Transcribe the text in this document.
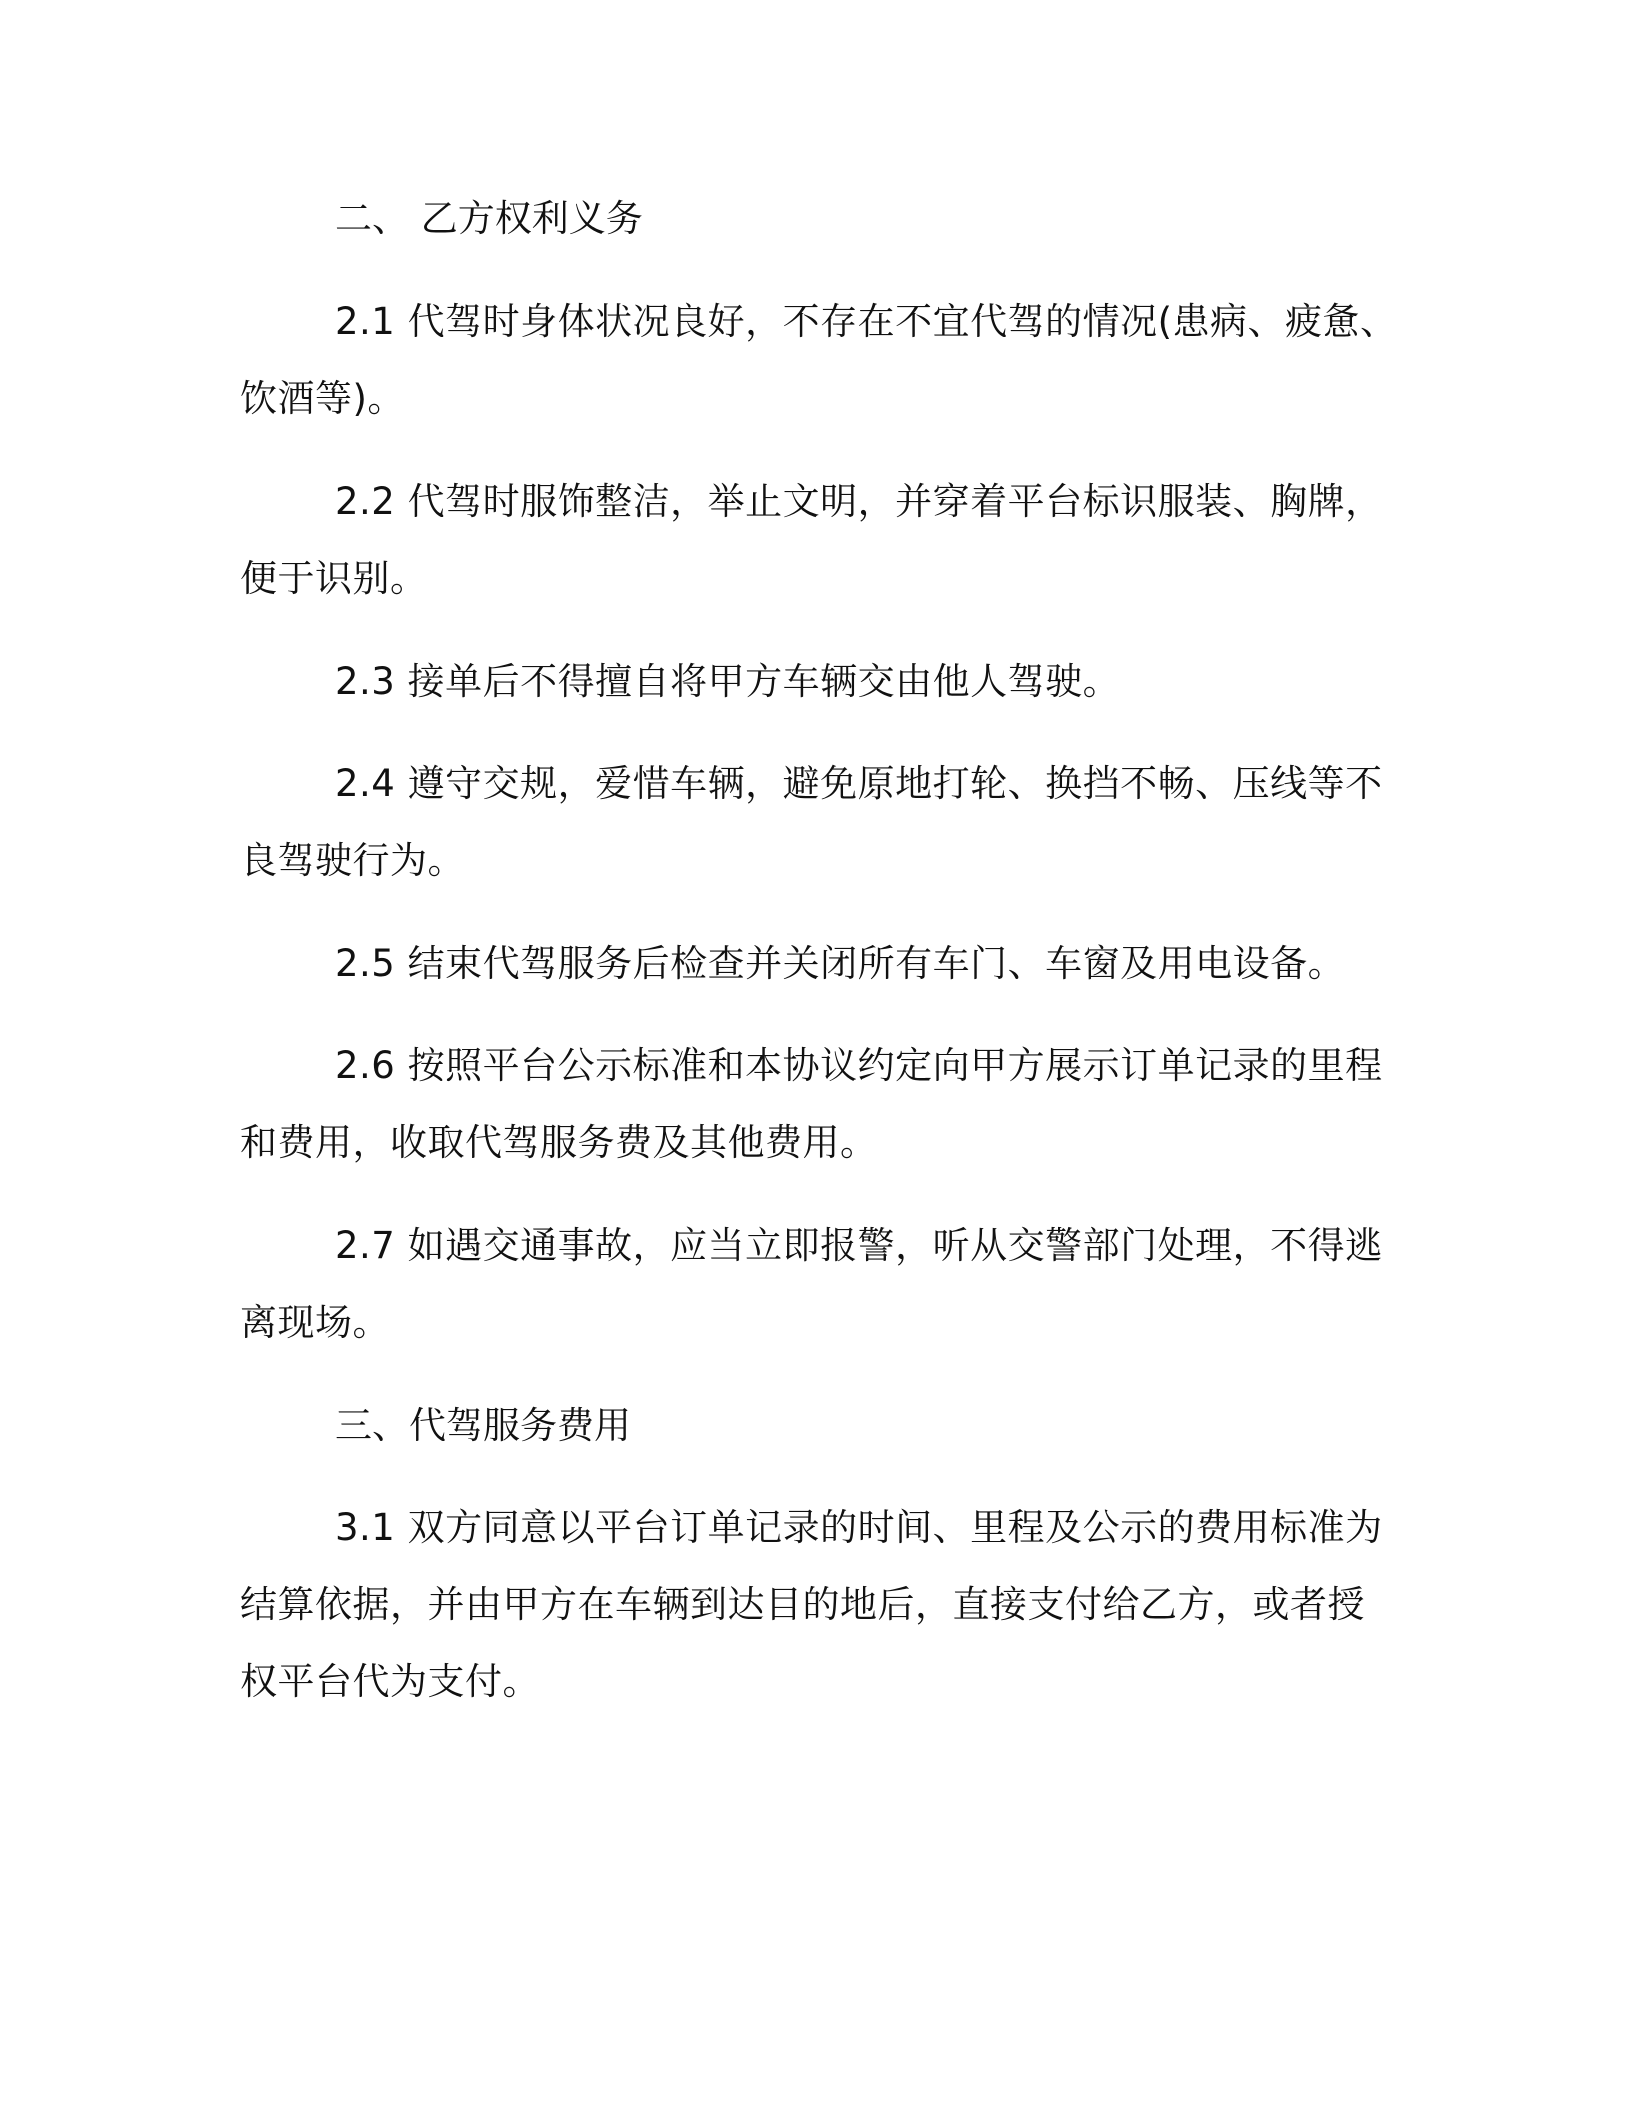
二、 乙方权利义务

2.1 代驾时身体状况良好，不存在不宜代驾的情况(患病、疲惫、
饮酒等)。

2.2 代驾时服饰整洁，举止文明，并穿着平台标识服装、胸牌，
便于识别。

2.3 接单后不得擅自将甲方车辆交由他人驾驶。

2.4 遵守交规，爱惜车辆，避免原地打轮、换挡不畅、压线等不
良驾驶行为。

2.5 结束代驾服务后检查并关闭所有车门、车窗及用电设备。

2.6 按照平台公示标准和本协议约定向甲方展示订单记录的里程
和费用，收取代驾服务费及其他费用。

2.7 如遇交通事故，应当立即报警，听从交警部门处理，不得逃
离现场。

三、代驾服务费用

3.1 双方同意以平台订单记录的时间、里程及公示的费用标准为
结算依据，并由甲方在车辆到达目的地后，直接支付给乙方，或者授
权平台代为支付。
